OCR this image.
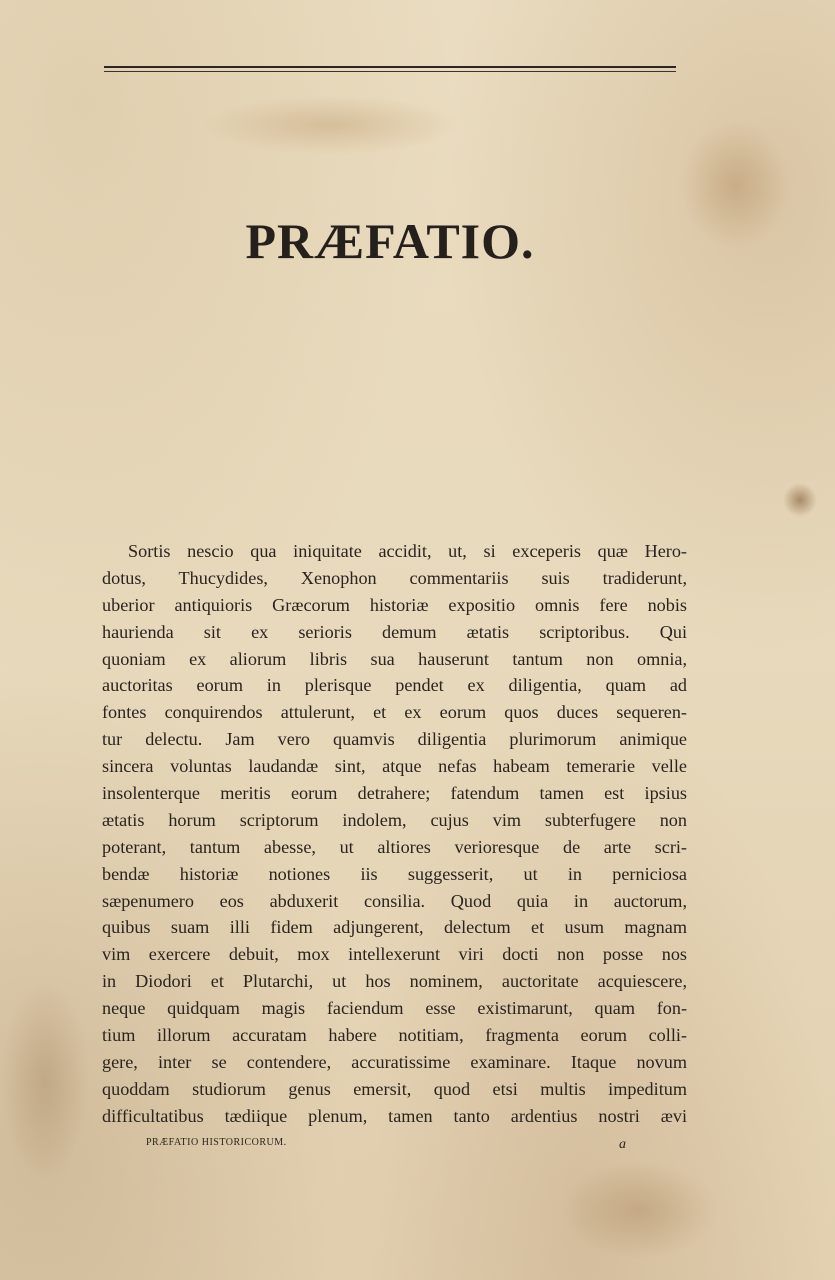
PRÆFATIO.
Sortis nescio qua iniquitate accidit, ut, si exceperis quæ Hero-
dotus, Thucydides, Xenophon commentariis suis tradiderunt,
uberior antiquioris Græcorum historiæ expositio omnis fere nobis
haurienda sit ex serioris demum ætatis scriptoribus. Qui
quoniam ex aliorum libris sua hauserunt tantum non omnia,
auctoritas eorum in plerisque pendet ex diligentia, quam ad
fontes conquirendos attulerunt, et ex eorum quos duces sequeren-
tur delectu. Jam vero quamvis diligentia plurimorum animique
sincera voluntas laudandæ sint, atque nefas habeam temerarie velle
insolenterque meritis eorum detrahere; fatendum tamen est ipsius
ætatis horum scriptorum indolem, cujus vim subterfugere non
poterant, tantum abesse, ut altiores verioresque de arte scri-
bendæ historiæ notiones iis suggesserit, ut in perniciosa
sæpenumero eos abduxerit consilia. Quod quia in auctorum,
quibus suam illi fidem adjungerent, delectum et usum magnam
vim exercere debuit, mox intellexerunt viri docti non posse nos
in Diodori et Plutarchi, ut hos nominem, auctoritate acquiescere,
neque quidquam magis faciendum esse existimarunt, quam fon-
tium illorum accuratam habere notitiam, fragmenta eorum colli-
gere, inter se contendere, accuratissime examinare. Itaque novum
quoddam studiorum genus emersit, quod etsi multis impeditum
difficultatibus tædiique plenum, tamen tanto ardentius nostri ævi
PRÆFATIO HISTORICORUM.	a
